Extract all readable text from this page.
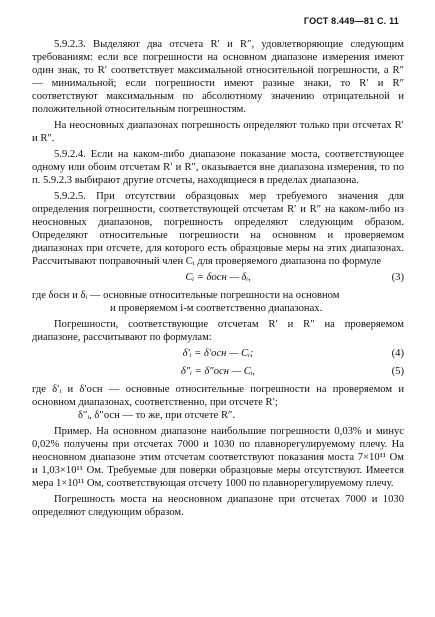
ГОСТ 8.449—81 С. 11

5.9.2.3. Выделяют два отсчета R′ и R″, удовлетворяющие следующим требованиям: если все погрешности на основном диапазоне измерения имеют один знак, то R′ соответствует максимальной относительной погрешности, а R″ — минимальной; если погрешности имеют разные знаки, то R′ и R″ соответствуют максимальным по абсолютному значению отрицательной и положительной относительным погрешностям.

На неосновных диапазонах погрешность определяют только при отсчетах R′ и R″.

5.9.2.4. Если на каком-либо диапазоне показание моста, соответствующее одному или обоим отсчетам R′ и R″, оказывается вне диапазона измерения, то по п. 5.9.2.3 выбирают другие отсчеты, находящиеся в пределах диапазона.

5.9.2.5. При отсутствии образцовых мер требуемого значения для определения погрешности, соответствующей отсчетам R′ и R″ на каком-либо из неосновных диапазонов, погрешность определяют следующим образом. Определяют относительные погрешности на основном и проверяемом диапазонах при отсчете, для которого есть образцовые меры на этих диапазонах. Рассчитывают поправочный член Cᵢ для проверяемого диапазона по формуле

Cᵢ = δосн — δᵢ,	(3)

где δосн и δᵢ — основные относительные погрешности на основном

и проверяемом i-м соответственно диапазонах.

Погрешности, соответствующие отсчетам R′ и R″ на проверяемом диапазоне, рассчитывают по формулам:

δ′ᵢ = δ′осн — Cᵢ;	(4)
δ″ᵢ = δ″осн — Cᵢ,	(5)

где δ′ᵢ и δ′осн — основные относительные погрешности на проверяемом и основном диапазонах, соответственно, при отсчете R′;

δ″ᵢ, δ″осн — то же, при отсчете R″.

Пример. На основном диапазоне наибольшие погрешности 0,03% и минус 0,02% получены при отсчетах 7000 и 1030 по плавнорегулируемому плечу. На неосновном диапазоне этим отсчетам соответствуют показания моста 7×10¹¹ Ом и 1,03×10¹¹ Ом. Требуемые для поверки образцовые меры отсутствуют. Имеется мера 1×10¹¹ Ом, соответствующая отсчету 1000 по плавнорегулируемому плечу.

Погрешность моста на неосновном диапазоне при отсчетах 7000 и 1030 определяют следующим образом.
